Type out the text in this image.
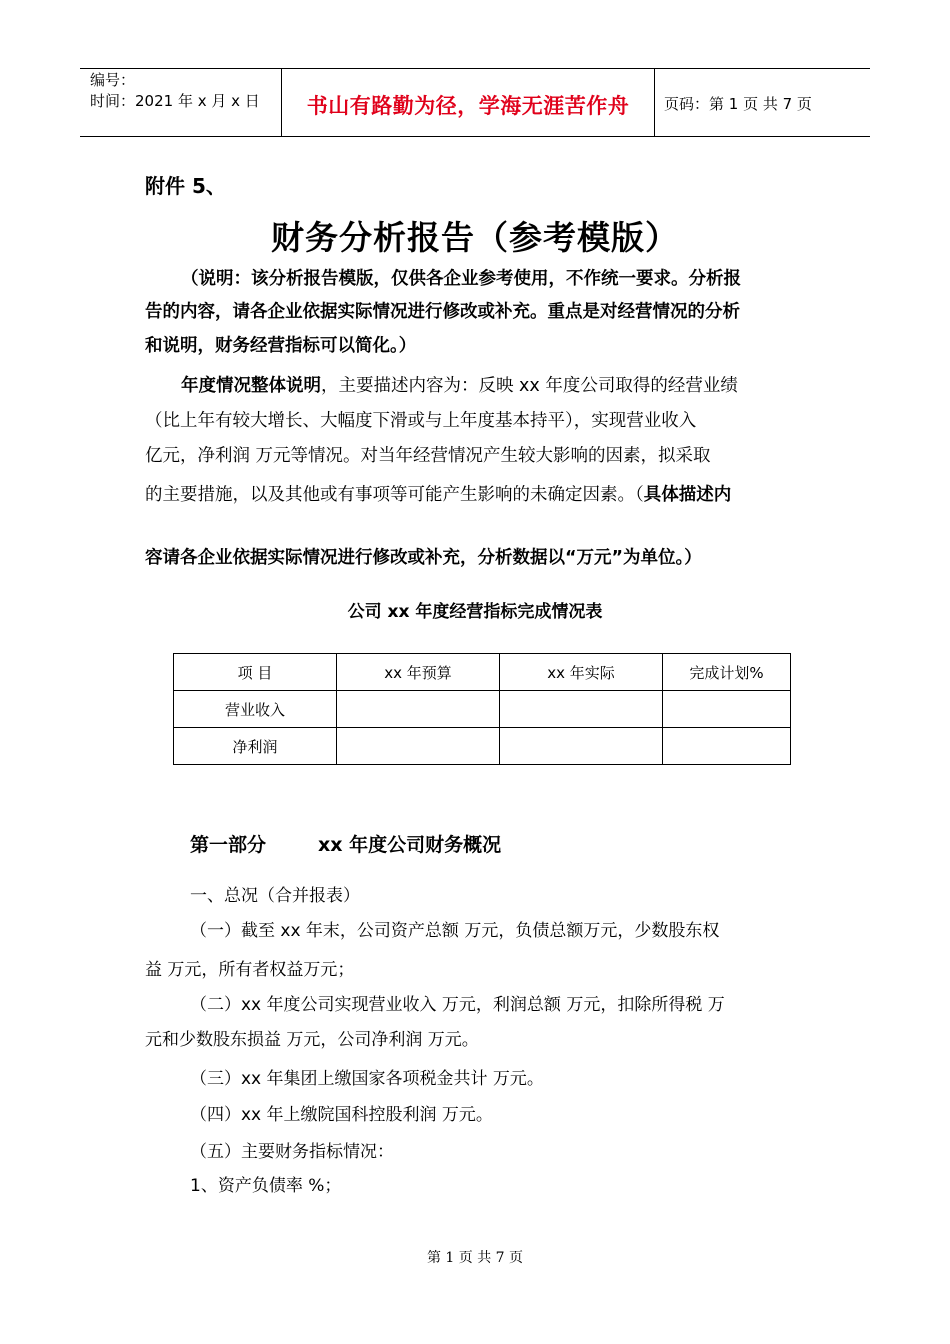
编号：
时间：2021 年 x 月 x 日	书山有路勤为径，学海无涯苦作舟	页码：第 1 页 共 7 页
附件 5、
财务分析报告（参考模版）
（说明：该分析报告模版，仅供各企业参考使用，不作统一要求。分析报
告的内容，请各企业依据实际情况进行修改或补充。重点是对经营情况的分析
和说明，财务经营指标可以简化。）
年度情况整体说明，主要描述内容为：反映 xx 年度公司取得的经营业绩
（比上年有较大增长、大幅度下滑或与上年度基本持平），实现营业收入
亿元，净利润 万元等情况。对当年经营情况产生较大影响的因素，拟采取
的主要措施，以及其他或有事项等可能产生影响的未确定因素。（具体描述内
容请各企业依据实际情况进行修改或补充，分析数据以“万元”为单位。）
公司 xx 年度经营指标完成情况表
项 目	xx 年预算	xx 年实际	完成计划%
营业收入			
净利润			
第一部分	xx 年度公司财务概况
一、总况（合并报表）
（一）截至 xx 年末，公司资产总额 万元，负债总额万元，少数股东权
益 万元，所有者权益万元；
（二）xx 年度公司实现营业收入 万元，利润总额 万元，扣除所得税 万
元和少数股东损益 万元，公司净利润 万元。
（三）xx 年集团上缴国家各项税金共计 万元。
（四）xx 年上缴院国科控股利润 万元。
（五）主要财务指标情况：
1、资产负债率 %；
第 1 页 共 7 页
